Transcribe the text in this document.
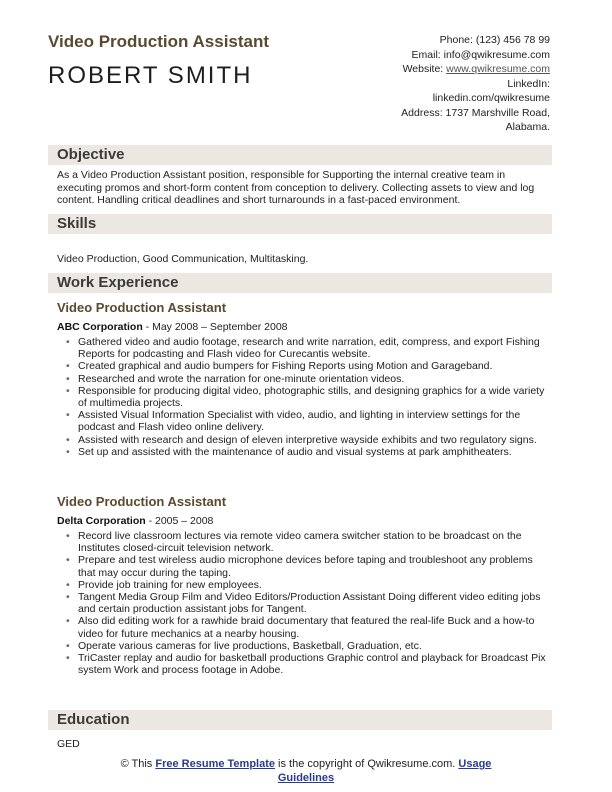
Video Production Assistant
ROBERT SMITH
Phone: (123) 456 78 99
Email: info@qwikresume.com
Website: www.qwikresume.com
LinkedIn:
linkedin.com/qwikresume
Address: 1737 Marshville Road,
Alabama.
Objective
As a Video Production Assistant position, responsible for Supporting the internal creative team in executing promos and short-form content from conception to delivery. Collecting assets to view and log content. Handling critical deadlines and short turnarounds in a fast-paced environment.
Skills
Video Production, Good Communication, Multitasking.
Work Experience
Video Production Assistant
ABC Corporation - May 2008 – September 2008
• Gathered video and audio footage, research and write narration, edit, compress, and export Fishing Reports for podcasting and Flash video for Curecantis website.
• Created graphical and audio bumpers for Fishing Reports using Motion and Garageband.
• Researched and wrote the narration for one-minute orientation videos.
• Responsible for producing digital video, photographic stills, and designing graphics for a wide variety of multimedia projects.
• Assisted Visual Information Specialist with video, audio, and lighting in interview settings for the podcast and Flash video online delivery.
• Assisted with research and design of eleven interpretive wayside exhibits and two regulatory signs.
• Set up and assisted with the maintenance of audio and visual systems at park amphitheaters.
Video Production Assistant
Delta Corporation - 2005 – 2008
• Record live classroom lectures via remote video camera switcher station to be broadcast on the Institutes closed-circuit television network.
• Prepare and test wireless audio microphone devices before taping and troubleshoot any problems that may occur during the taping.
• Provide job training for new employees.
• Tangent Media Group Film and Video Editors/Production Assistant Doing different video editing jobs and certain production assistant jobs for Tangent.
• Also did editing work for a rawhide braid documentary that featured the real-life Buck and a how-to video for future mechanics at a nearby housing.
• Operate various cameras for live productions, Basketball, Graduation, etc.
• TriCaster replay and audio for basketball productions Graphic control and playback for Broadcast Pix system Work and process footage in Adobe.
Education
GED
© This Free Resume Template is the copyright of Qwikresume.com. Usage
Guidelines
